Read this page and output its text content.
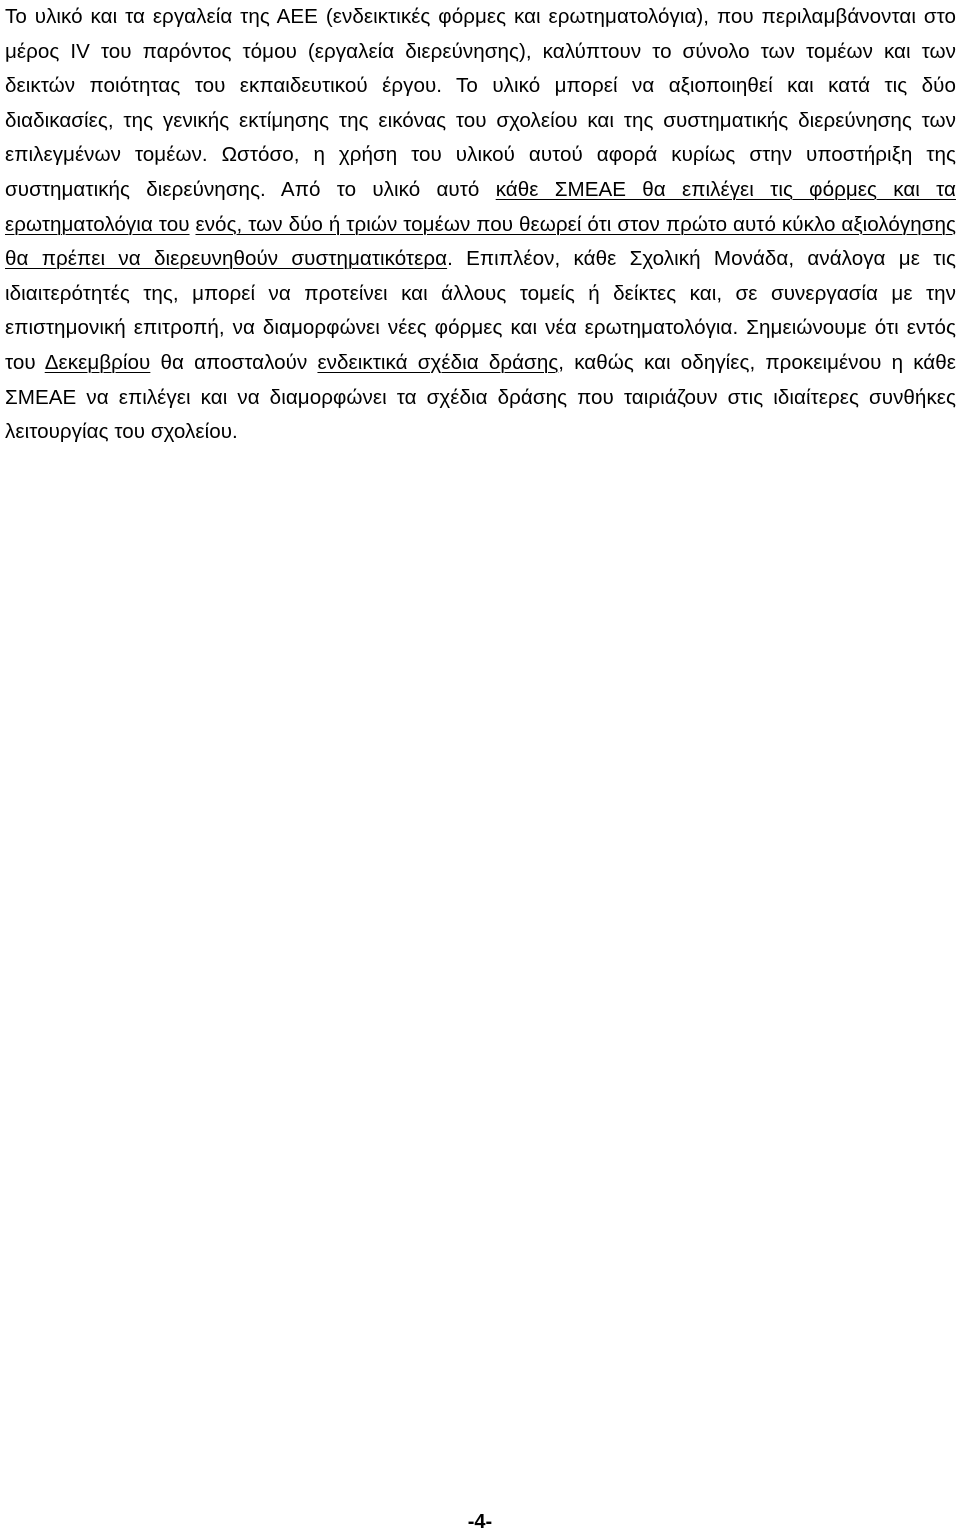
Το υλικό και τα εργαλεία της ΑΕΕ (ενδεικτικές φόρμες και ερωτηματολόγια), που περιλαμβάνονται στο μέρος IV του παρόντος τόμου (εργαλεία διερεύνησης), καλύπτουν το σύνολο των τομέων και των δεικτών ποιότητας του εκπαιδευτικού έργου. Το υλικό μπορεί να αξιοποιηθεί και κατά τις δύο διαδικασίες, της γενικής εκτίμησης της εικόνας του σχολείου και της συστηματικής διερεύνησης των επιλεγμένων τομέων. Ωστόσο, η χρήση του υλικού αυτού αφορά κυρίως στην υποστήριξη της συστηματικής διερεύνησης. Από το υλικό αυτό κάθε ΣΜΕΑΕ θα επιλέγει τις φόρμες και τα ερωτηματολόγια του ενός, των δύο ή τριών τομέων που θεωρεί ότι στον πρώτο αυτό κύκλο αξιολόγησης θα πρέπει να διερευνηθούν συστηματικότερα. Επιπλέον, κάθε Σχολική Μονάδα, ανάλογα με τις ιδιαιτερότητές της, μπορεί να προτείνει και άλλους τομείς ή δείκτες και, σε συνεργασία με την επιστημονική επιτροπή, να διαμορφώνει νέες φόρμες και νέα ερωτηματολόγια. Σημειώνουμε ότι εντός του Δεκεμβρίου θα αποσταλούν ενδεικτικά σχέδια δράσης, καθώς και οδηγίες, προκειμένου η κάθε ΣΜΕΑΕ να επιλέγει και να διαμορφώνει τα σχέδια δράσης που ταιριάζουν στις ιδιαίτερες συνθήκες λειτουργίας του σχολείου.

-4-
